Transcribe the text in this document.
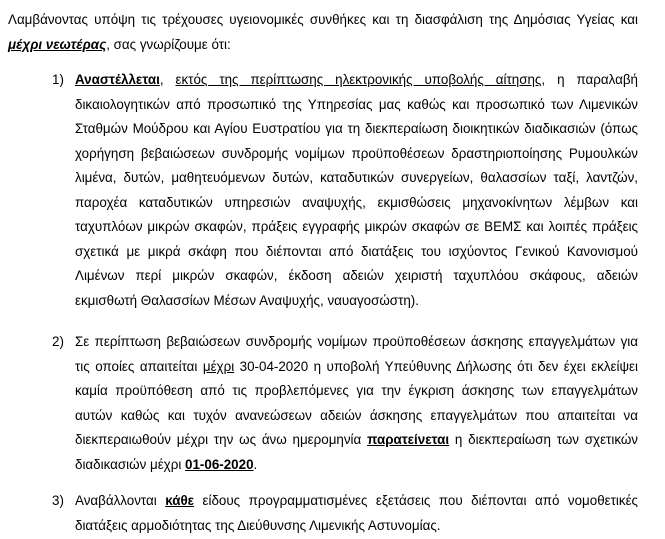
Λαμβάνοντας υπόψη τις τρέχουσες υγειονομικές συνθήκες και τη διασφάλιση της Δημόσιας Υγείας και μέχρι νεωτέρας, σας γνωρίζουμε ότι:
1) Αναστέλλεται, εκτός της περίπτωσης ηλεκτρονικής υποβολής αίτησης, η παραλαβή δικαιολογητικών από προσωπικό της Υπηρεσίας μας καθώς και προσωπικό των Λιμενικών Σταθμών Μούδρου και Αγίου Ευστρατίου για τη διεκπεραίωση διοικητικών διαδικασιών (όπως χορήγηση βεβαιώσεων συνδρομής νομίμων προϋποθέσεων δραστηριοποίησης Ρυμουλκών λιμένα, δυτών, μαθητευόμενων δυτών, καταδυτικών συνεργείων, θαλασσίων ταξί, λαντζών, παροχέα καταδυτικών υπηρεσιών αναψυχής, εκμισθώσεις μηχανοκίνητων λέμβων και ταχυπλόων μικρών σκαφών, πράξεις εγγραφής μικρών σκαφών σε ΒΕΜΣ και λοιπές πράξεις σχετικά με μικρά σκάφη που διέπονται από διατάξεις του ισχύοντος Γενικού Κανονισμού Λιμένων περί μικρών σκαφών, έκδοση αδειών χειριστή ταχυπλόου σκάφους, αδειών εκμισθωτή Θαλασσίων Μέσων Αναψυχής, ναυαγοσώστη).
2) Σε περίπτωση βεβαιώσεων συνδρομής νομίμων προϋποθέσεων άσκησης επαγγελμάτων για τις οποίες απαιτείται μέχρι 30-04-2020 η υποβολή Υπεύθυνης Δήλωσης ότι δεν έχει εκλείψει καμία προϋπόθεση από τις προβλεπόμενες για την έγκριση άσκησης των επαγγελμάτων αυτών καθώς και τυχόν ανανεώσεων αδειών άσκησης επαγγελμάτων που απαιτείται να διεκπεραιωθούν μέχρι την ως άνω ημερομηνία παρατείνεται η διεκπεραίωση των σχετικών διαδικασιών μέχρι 01-06-2020.
3) Αναβάλλονται κάθε είδους προγραμματισμένες εξετάσεις που διέπονται από νομοθετικές διατάξεις αρμοδιότητας της Διεύθυνσης Λιμενικής Αστυνομίας.
